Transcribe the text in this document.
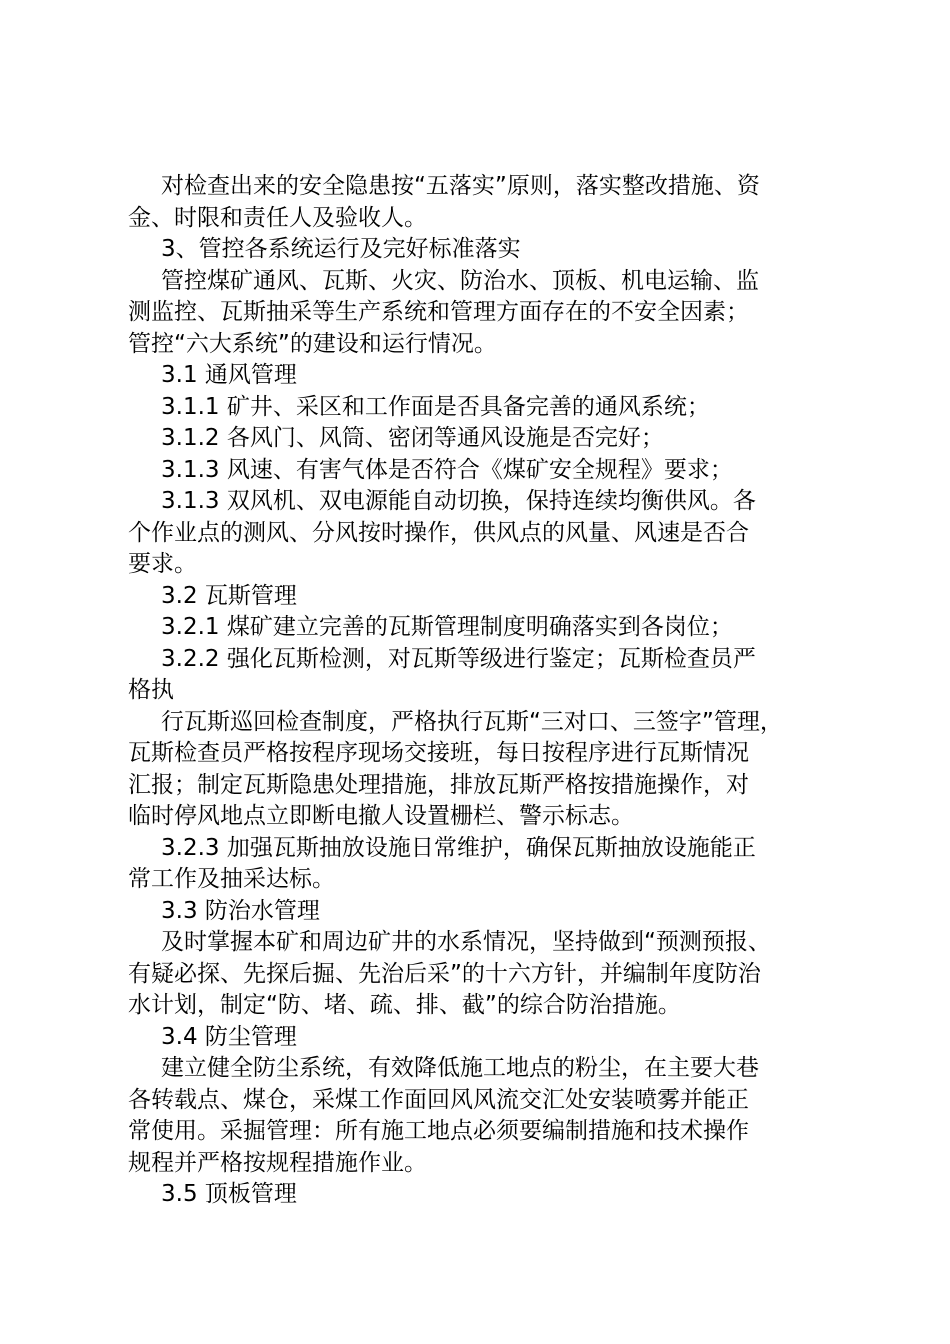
对检查出来的安全隐患按“五落实”原则，落实整改措施、资
金、时限和责任人及验收人。
3、管控各系统运行及完好标准落实
管控煤矿通风、瓦斯、火灾、防治水、顶板、机电运输、监
测监控、瓦斯抽采等生产系统和管理方面存在的不安全因素；
管控“六大系统”的建设和运行情况。
3.1 通风管理
3.1.1 矿井、采区和工作面是否具备完善的通风系统；
3.1.2 各风门、风筒、密闭等通风设施是否完好；
3.1.3 风速、有害气体是否符合《煤矿安全规程》要求；
3.1.3 双风机、双电源能自动切换，保持连续均衡供风。各
个作业点的测风、分风按时操作，供风点的风量、风速是否合
要求。
3.2 瓦斯管理
3.2.1 煤矿建立完善的瓦斯管理制度明确落实到各岗位；
3.2.2 强化瓦斯检测，对瓦斯等级进行鉴定；瓦斯检查员严
格执
行瓦斯巡回检查制度，严格执行瓦斯“三对口、三签字”管理，
瓦斯检查员严格按程序现场交接班，每日按程序进行瓦斯情况
汇报；制定瓦斯隐患处理措施，排放瓦斯严格按措施操作，对
临时停风地点立即断电撤人设置栅栏、警示标志。
3.2.3 加强瓦斯抽放设施日常维护，确保瓦斯抽放设施能正
常工作及抽采达标。
3.3 防治水管理
及时掌握本矿和周边矿井的水系情况，坚持做到“预测预报、
有疑必探、先探后掘、先治后采”的十六方针，并编制年度防治
水计划，制定“防、堵、疏、排、截”的综合防治措施。
3.4 防尘管理
建立健全防尘系统，有效降低施工地点的粉尘，在主要大巷
各转载点、煤仓，采煤工作面回风风流交汇处安装喷雾并能正
常使用。采掘管理：所有施工地点必须要编制措施和技术操作
规程并严格按规程措施作业。
3.5 顶板管理
